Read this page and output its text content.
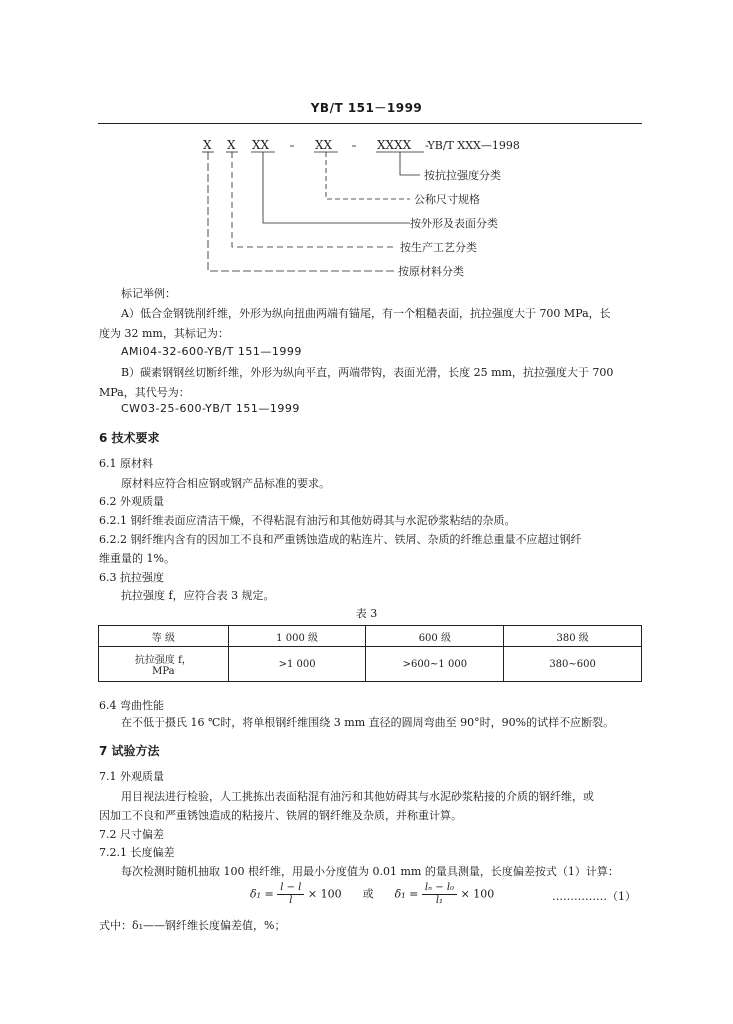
YB/T 151－1999
X X XX	XX	XXXX -YB/T XXX—1998
按抗拉强度分类
公称尺寸规格
按外形及表面分类
按生产工艺分类
按原材料分类
标记举例：
A）低合金钢铣削纤维，外形为纵向扭曲两端有锚尾，有一个粗糙表面，抗拉强度大于 700 MPa，长
度为 32 mm，其标记为：
AMi04-32-600-YB/T 151—1999
B）碳素钢钢丝切断纤维，外形为纵向平直，两端带钩，表面光滑，长度 25 mm，抗拉强度大于 700
MPa，其代号为：
CW03-25-600-YB/T 151—1999
6 技术要求
6.1 原材料
原材料应符合相应钢或钢产品标准的要求。
6.2 外观质量
6.2.1 钢纤维表面应清洁干燥，不得粘混有油污和其他妨碍其与水泥砂浆粘结的杂质。
6.2.2 钢纤维内含有的因加工不良和严重锈蚀造成的粘连片、铁屑、杂质的纤维总重量不应超过钢纤
维重量的 1%。
6.3 抗拉强度
抗拉强度 f，应符合表 3 规定。
表 3
等 级	1 000 级	600 级	380 级

抗拉强度 f，
MPa	>1 000	>600~1 000	380~600
6.4 弯曲性能
在不低于摄氏 16 ℃时，将单根钢纤维围绕 3 mm 直径的圆周弯曲至 90°时，90%的试样不应断裂。
7 试验方法
7.1 外观质量
用目视法进行检验，人工挑拣出表面粘混有油污和其他妨碍其与水泥砂浆粘接的介质的钢纤维，或
因加工不良和严重锈蚀造成的粘接片、铁屑的钢纤维及杂质，并称重计算。
7.2 尺寸偏差
7.2.1 长度偏差
每次检测时随机抽取 100 根纤维，用最小分度值为 0.01 mm 的量具测量，长度偏差按式（1）计算：
$\delta_1 = \frac{l - l}{l} \times 100$ 或 $\delta_1 = \frac{\text{lₙ − l₀}}{\text{l₁}} \times 100$	……………（1）
式中：δ₁——钢纤维长度偏差值，%；
